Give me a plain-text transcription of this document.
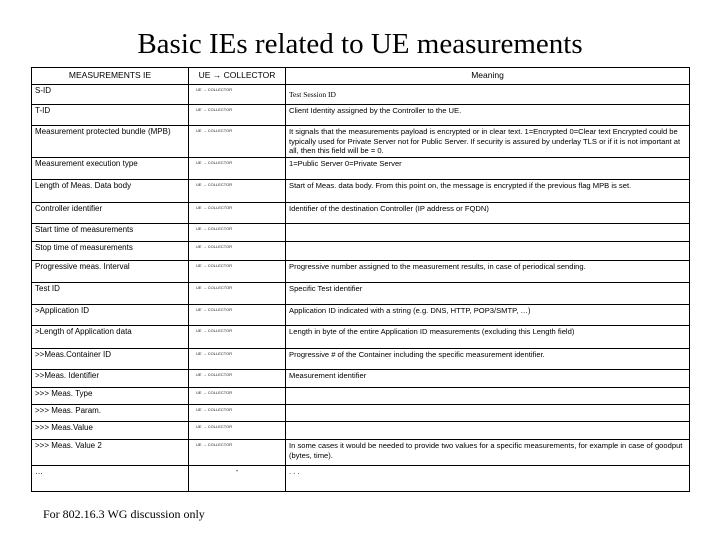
Basic IEs related to UE measurements
MEASUREMENTS IE	UE → COLLECTOR	Meaning
S-ID	UE → COLLECTOR	Test Session ID
T-ID	UE → COLLECTOR	Client Identity assigned by the Controller to the UE.
Measurement protected bundle (MPB)	UE → COLLECTOR	It signals that the measurements payload is encrypted or in clear text. 1=Encrypted 0=Clear text Encrypted could be typically used for Private Server not for Public Server. If security is assured by underlay TLS or if it is not important at all, then this field will be = 0.
Measurement execution type	UE → COLLECTOR	1=Public Server 0=Private Server
Length of Meas. Data body	UE → COLLECTOR	Start of Meas. data body. From this point on, the message is encrypted if the previous flag MPB is set.
Controller identifier	UE → COLLECTOR	Identifier of the destination Controller (IP address or FQDN)
Start time of measurements	UE → COLLECTOR	
Stop time of measurements	UE → COLLECTOR	
Progressive meas. Interval	UE → COLLECTOR	Progressive number assigned to the measurement results, in case of periodical sending.
Test ID	UE → COLLECTOR	Specific Test identifier
>Application ID	UE → COLLECTOR	Application ID indicated with a string (e.g. DNS, HTTP, POP3/SMTP, …)
>Length of Application data	UE → COLLECTOR	Length in byte of the entire Application ID measurements (excluding this Length field)
>>Meas.Container ID	UE → COLLECTOR	Progressive # of the Container including the specific measurement identifier.
>>Meas. Identifier	UE → COLLECTOR	Measurement identifier
>>> Meas. Type	UE → COLLECTOR	
>>> Meas. Param.	UE → COLLECTOR	
>>> Meas.Value	UE → COLLECTOR	
>>> Meas. Value 2	UE → COLLECTOR	In some cases it would be needed to provide two values for a specific measurements, for example in case of goodput (bytes, time).
…	-	. . .
For 802.16.3 WG discussion only
